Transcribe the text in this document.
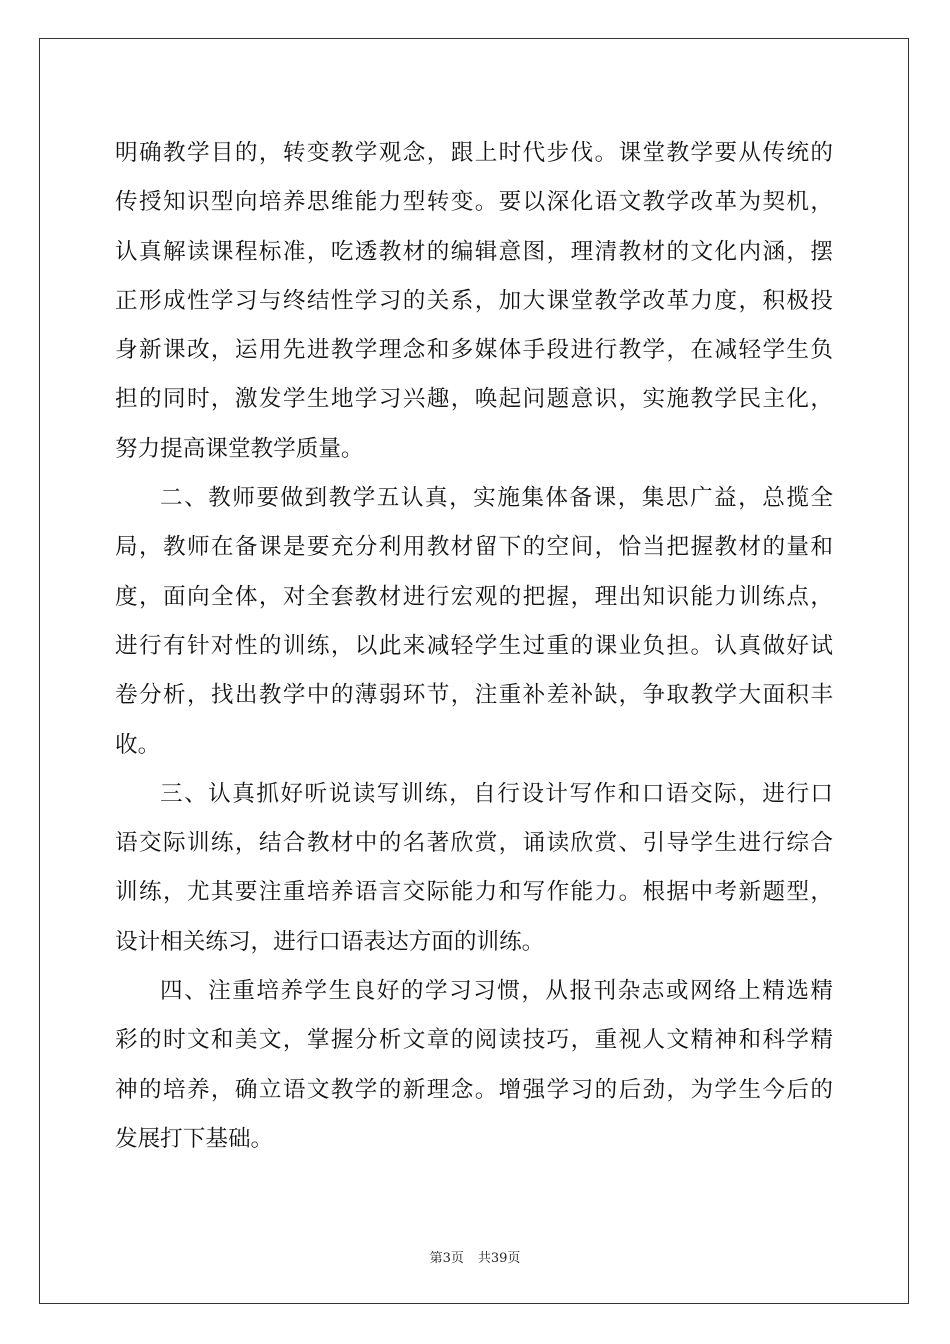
明确教学目的，转变教学观念，跟上时代步伐。课堂教学要从传统的
传授知识型向培养思维能力型转变。要以深化语文教学改革为契机，
认真解读课程标准，吃透教材的编辑意图，理清教材的文化内涵，摆
正形成性学习与终结性学习的关系，加大课堂教学改革力度，积极投
身新课改，运用先进教学理念和多媒体手段进行教学，在减轻学生负
担的同时，激发学生地学习兴趣，唤起问题意识，实施教学民主化，
努力提高课堂教学质量。
二、教师要做到教学五认真，实施集体备课，集思广益，总揽全
局，教师在备课是要充分利用教材留下的空间，恰当把握教材的量和
度，面向全体，对全套教材进行宏观的把握，理出知识能力训练点，
进行有针对性的训练，以此来减轻学生过重的课业负担。认真做好试
卷分析，找出教学中的薄弱环节，注重补差补缺，争取教学大面积丰
收。
三、认真抓好听说读写训练，自行设计写作和口语交际，进行口
语交际训练，结合教材中的名著欣赏，诵读欣赏、引导学生进行综合
训练，尤其要注重培养语言交际能力和写作能力。根据中考新题型，
设计相关练习，进行口语表达方面的训练。
四、注重培养学生良好的学习习惯，从报刊杂志或网络上精选精
彩的时文和美文，掌握分析文章的阅读技巧，重视人文精神和科学精
神的培养，确立语文教学的新理念。增强学习的后劲，为学生今后的
发展打下基础。
第3页 共39页
